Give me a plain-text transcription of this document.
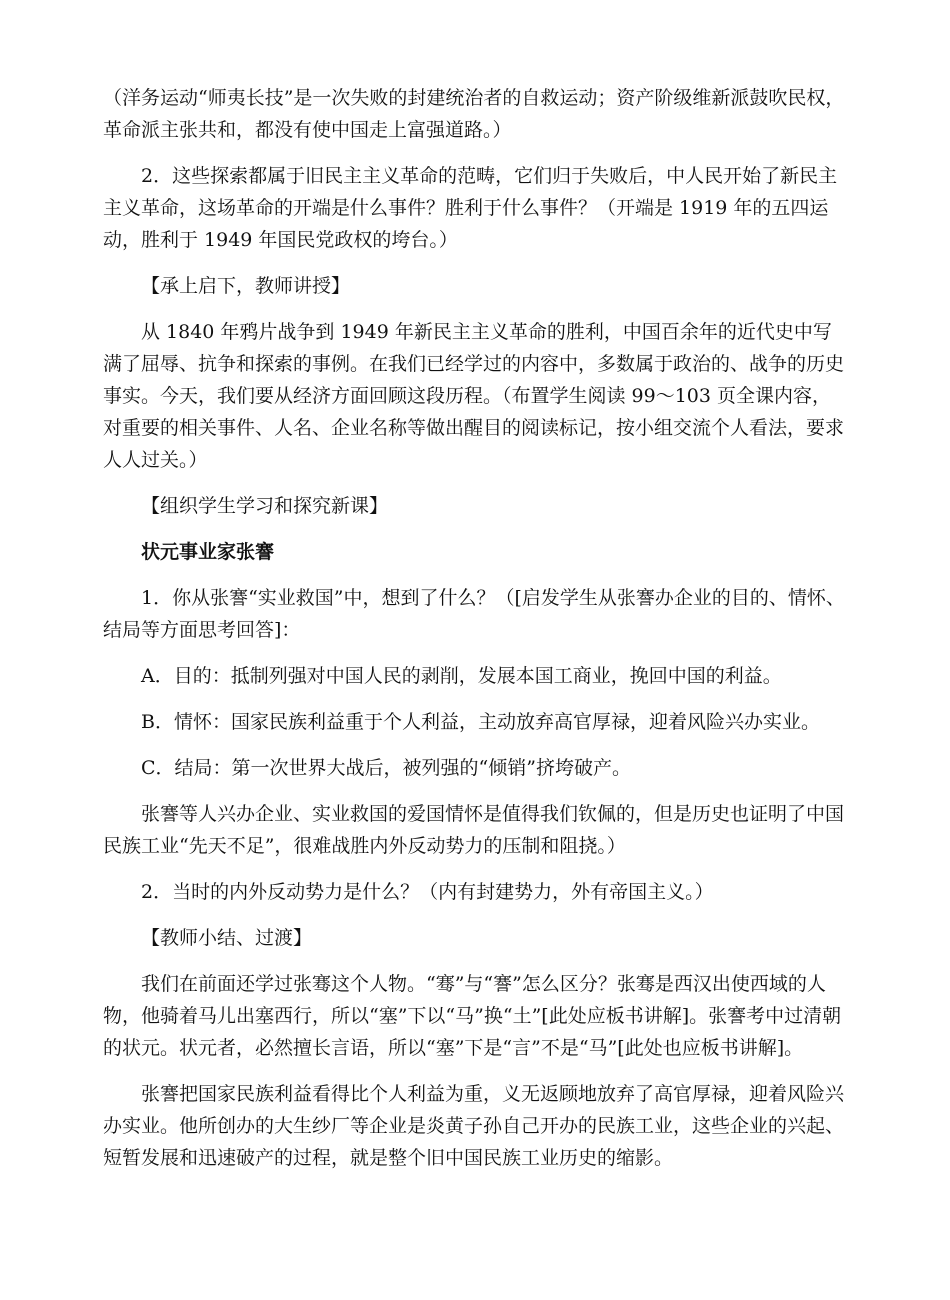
（洋务运动“师夷长技”是一次失败的封建统治者的自救运动；资产阶级维新派鼓吹民权，革命派主张共和，都没有使中国走上富强道路。）

2．这些探索都属于旧民主主义革命的范畴，它们归于失败后，中人民开始了新民主主义革命，这场革命的开端是什么事件？胜利于什么事件？（开端是 1919 年的五四运动，胜利于 1949 年国民党政权的垮台。）

【承上启下，教师讲授】

从 1840 年鸦片战争到 1949 年新民主主义革命的胜利，中国百余年的近代史中写满了屈辱、抗争和探索的事例。在我们已经学过的内容中，多数属于政治的、战争的历史事实。今天，我们要从经济方面回顾这段历程。（布置学生阅读 99～103 页全课内容，对重要的相关事件、人名、企业名称等做出醒目的阅读标记，按小组交流个人看法，要求人人过关。）

【组织学生学习和探究新课】

状元事业家张謇

1．你从张謇“实业救国”中，想到了什么？（[启发学生从张謇办企业的目的、情怀、结局等方面思考回答]：

A．目的：抵制列强对中国人民的剥削，发展本国工商业，挽回中国的利益。

B．情怀：国家民族利益重于个人利益，主动放弃高官厚禄，迎着风险兴办实业。

C．结局：第一次世界大战后，被列强的“倾销”挤垮破产。

张謇等人兴办企业、实业救国的爱国情怀是值得我们钦佩的，但是历史也证明了中国民族工业“先天不足”，很难战胜内外反动势力的压制和阻挠。）

2．当时的内外反动势力是什么？（内有封建势力，外有帝国主义。）

【教师小结、过渡】

我们在前面还学过张骞这个人物。“骞”与“謇”怎么区分？张骞是西汉出使西域的人物，他骑着马儿出塞西行，所以“塞”下以“马”换“土”[此处应板书讲解]。张謇考中过清朝的状元。状元者，必然擅长言语，所以“塞”下是“言”不是“马”[此处也应板书讲解]。

张謇把国家民族利益看得比个人利益为重，义无返顾地放弃了高官厚禄，迎着风险兴办实业。他所创办的大生纱厂等企业是炎黄子孙自己开办的民族工业，这些企业的兴起、短暂发展和迅速破产的过程，就是整个旧中国民族工业历史的缩影。
